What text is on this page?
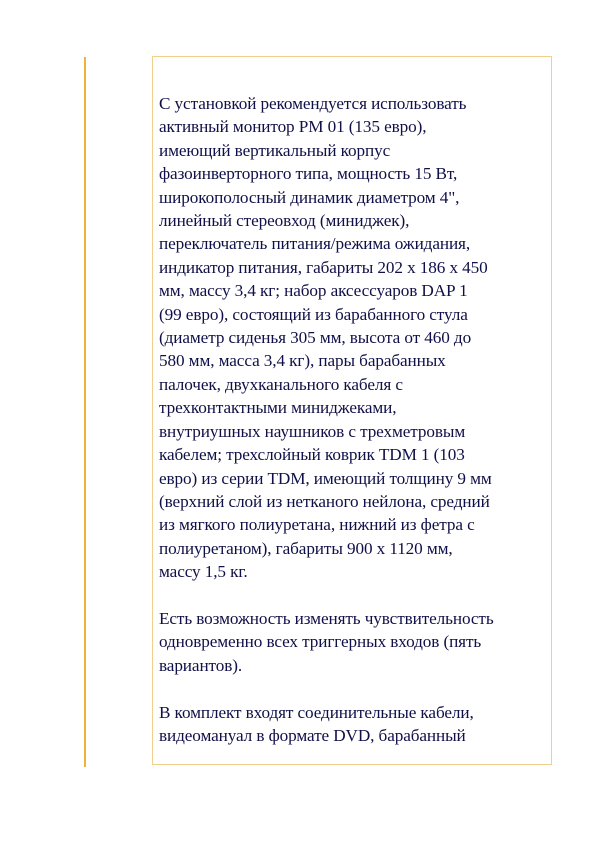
С установкой рекомендуется использовать
активный монитор PM 01 (135 евро),
имеющий вертикальный корпус
фазоинверторного типа, мощность 15 Вт,
широкополосный динамик диаметром 4",
линейный стереовход (миниджек),
переключатель питания/режима ожидания,
индикатор питания, габариты 202 х 186 х 450
мм, массу 3,4 кг; набор аксессуаров DAP 1
(99 евро), состоящий из барабанного стула
(диаметр сиденья 305 мм, высота от 460 до
580 мм, масса 3,4 кг), пары барабанных
палочек, двухканального кабеля с
трехконтактными миниджеками,
внутриушных наушников с трехметровым
кабелем; трехслойный коврик TDM 1 (103
евро) из серии TDM, имеющий толщину 9 мм
(верхний слой из нетканого нейлона, средний
из мягкого полиуретана, нижний из фетра с
полиуретаном), габариты 900 х 1120 мм,
массу 1,5 кг.
Есть возможность изменять чувствительность
одновременно всех триггерных входов (пять
вариантов).
В комплект входят соединительные кабели,
видеомануал в формате DVD, барабанный
